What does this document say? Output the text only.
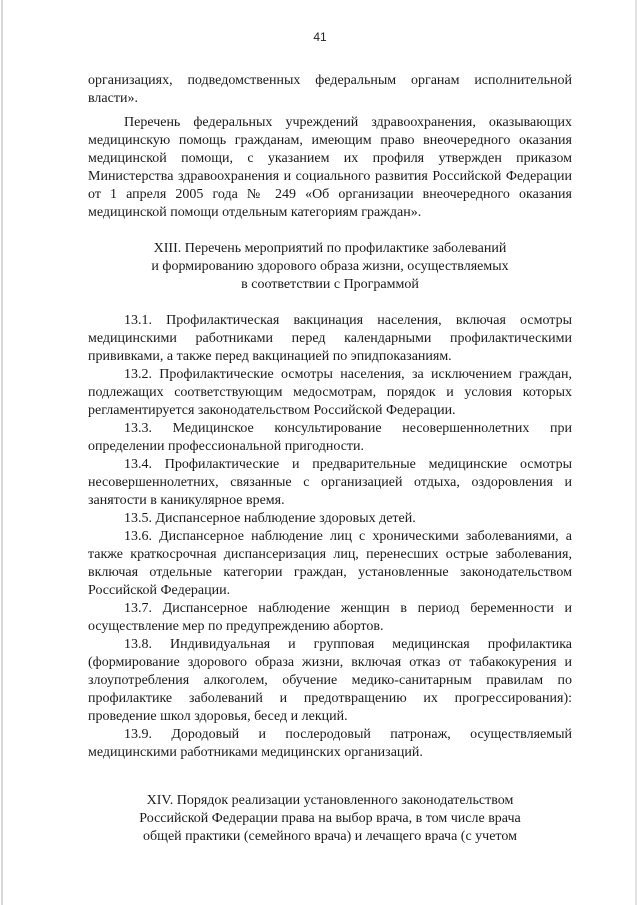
41

организациях, подведомственных федеральным органам исполнительной власти».

Перечень федеральных учреждений здравоохранения, оказывающих медицинскую помощь гражданам, имеющим право внеочередного оказания медицинской помощи, с указанием их профиля утвержден приказом Министерства здравоохранения и социального развития Российской Федерации от 1 апреля 2005 года № 249 «Об организации внеочередного оказания медицинской помощи отдельным категориям граждан».

XIII. Перечень мероприятий по профилактике заболеваний

и формированию здорового образа жизни, осуществляемых

в соответствии с Программой

13.1. Профилактическая вакцинация населения, включая осмотры медицинскими работниками перед календарными профилактическими прививками, а также перед вакцинацией по эпидпоказаниям.

13.2. Профилактические осмотры населения, за исключением граждан, подлежащих соответствующим медосмотрам, порядок и условия которых регламентируется законодательством Российской Федерации.

13.3. Медицинское консультирование несовершеннолетних при определении профессиональной пригодности.

13.4. Профилактические и предварительные медицинские осмотры несовершеннолетних, связанные с организацией отдыха, оздоровления и занятости в каникулярное время.

13.5. Диспансерное наблюдение здоровых детей.

13.6. Диспансерное наблюдение лиц с хроническими заболеваниями, а также краткосрочная диспансеризация лиц, перенесших острые заболевания, включая отдельные категории граждан, установленные законодательством Российской Федерации.

13.7. Диспансерное наблюдение женщин в период беременности и осуществление мер по предупреждению абортов.

13.8. Индивидуальная и групповая медицинская профилактика (формирование здорового образа жизни, включая отказ от табакокурения и злоупотребления алкоголем, обучение медико-санитарным правилам по профилактике заболеваний и предотвращению их прогрессирования): проведение школ здоровья, бесед и лекций.

13.9. Дородовый и послеродовый патронаж, осуществляемый медицинскими работниками медицинских организаций.

XIV. Порядок реализации установленного законодательством

Российской Федерации права на выбор врача, в том числе врача

общей практики (семейного врача) и лечащего врача (с учетом
